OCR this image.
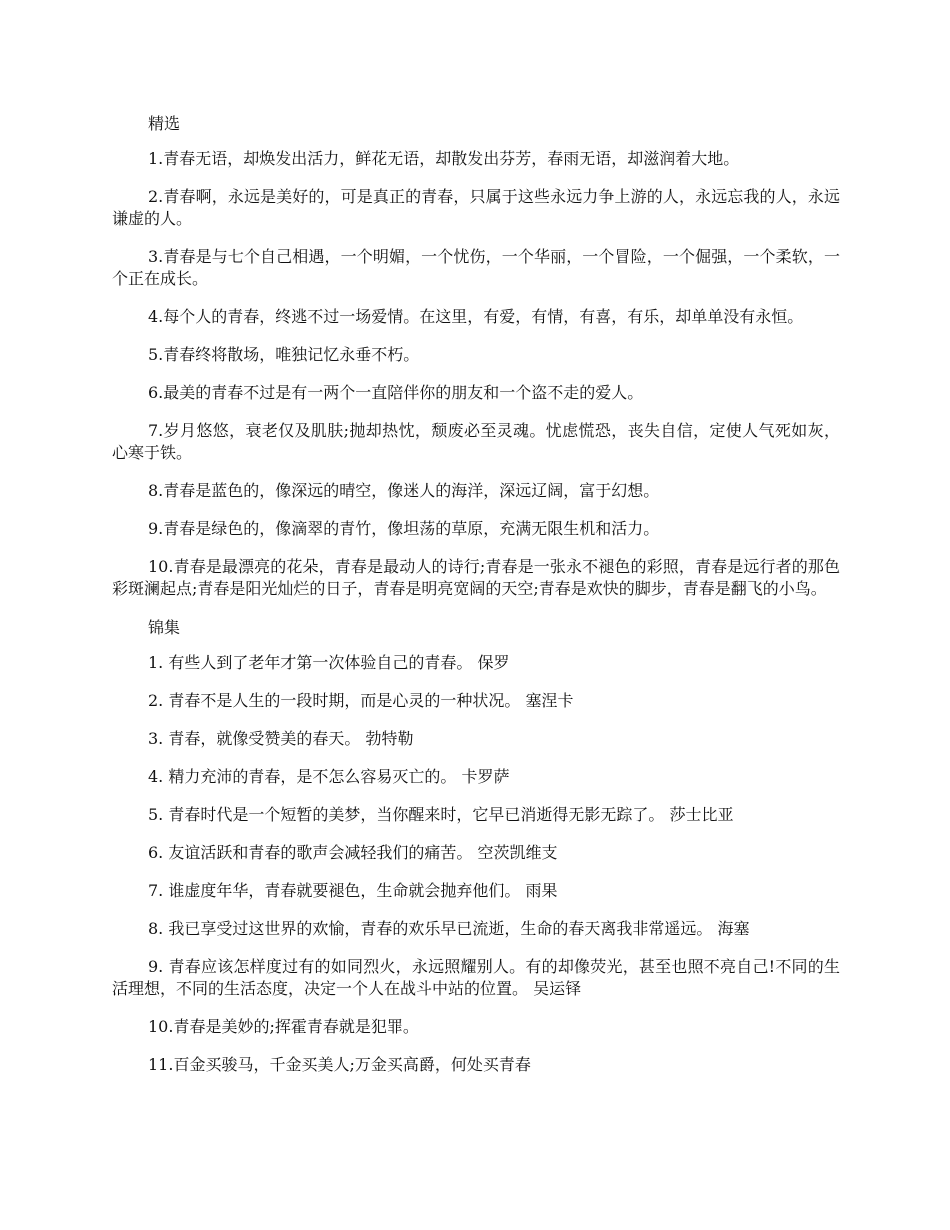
精选

1.青春无语，却焕发出活力，鲜花无语，却散发出芬芳，春雨无语，却滋润着大地。

2.青春啊，永远是美好的，可是真正的青春，只属于这些永远力争上游的人，永远忘我的人，永远谦虚的人。

3.青春是与七个自己相遇，一个明媚，一个忧伤，一个华丽，一个冒险，一个倔强，一个柔软，一个正在成长。

4.每个人的青春，终逃不过一场爱情。在这里，有爱，有情，有喜，有乐，却单单没有永恒。

5.青春终将散场，唯独记忆永垂不朽。

6.最美的青春不过是有一两个一直陪伴你的朋友和一个盗不走的爱人。

7.岁月悠悠，衰老仅及肌肤;抛却热忱，颓废必至灵魂。忧虑慌恐，丧失自信，定使人气死如灰，心寒于铁。

8.青春是蓝色的，像深远的晴空，像迷人的海洋，深远辽阔，富于幻想。

9.青春是绿色的，像滴翠的青竹，像坦荡的草原，充满无限生机和活力。

10.青春是最漂亮的花朵，青春是最动人的诗行;青春是一张永不褪色的彩照，青春是远行者的那色彩斑澜起点;青春是阳光灿烂的日子，青春是明亮宽阔的天空;青春是欢快的脚步，青春是翻飞的小鸟。

锦集

1. 有些人到了老年才第一次体验自己的青春。 保罗

2. 青春不是人生的一段时期，而是心灵的一种状况。 塞涅卡

3. 青春，就像受赞美的春天。 勃特勒

4. 精力充沛的青春，是不怎么容易灭亡的。 卡罗萨

5. 青春时代是一个短暂的美梦，当你醒来时，它早已消逝得无影无踪了。 莎士比亚

6. 友谊活跃和青春的歌声会减轻我们的痛苦。 空茨凯维支

7. 谁虚度年华，青春就要褪色，生命就会抛弃他们。 雨果

8. 我已享受过这世界的欢愉，青春的欢乐早已流逝，生命的春天离我非常遥远。 海塞

9. 青春应该怎样度过有的如同烈火，永远照耀别人。有的却像荧光，甚至也照不亮自己!不同的生活理想，不同的生活态度，决定一个人在战斗中站的位置。 吴运铎

10.青春是美妙的;挥霍青春就是犯罪。

11.百金买骏马，千金买美人;万金买高爵，何处买青春
